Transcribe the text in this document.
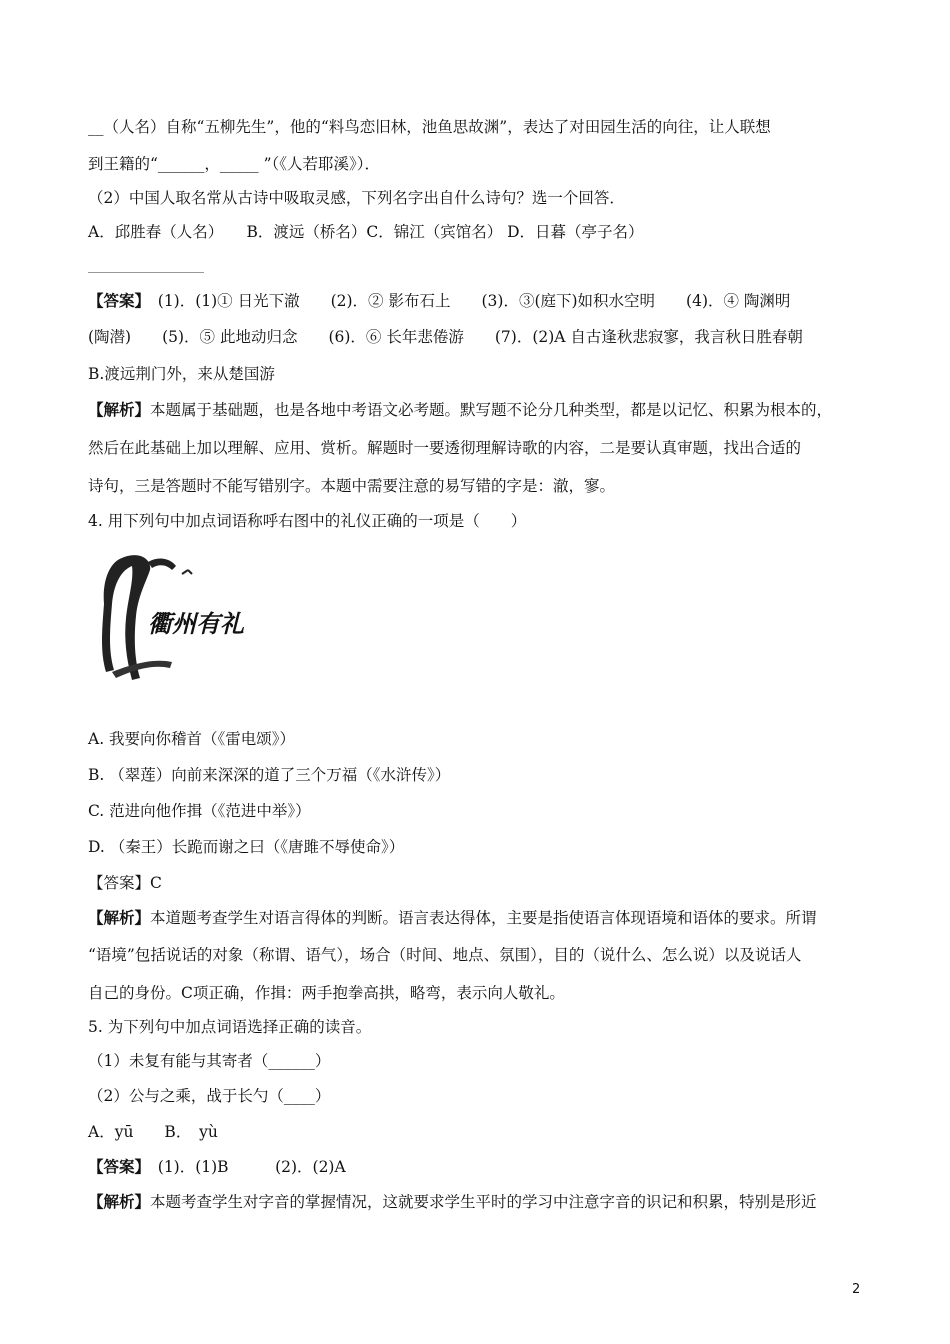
__（人名）自称“五柳先生”，他的“料鸟恋旧林，池鱼思故渊”，表达了对田园生活的向往，让人联想
到王籍的“______，_____ ”（《人若耶溪》）．
（2）中国人取名常从古诗中吸取灵感，下列名字出自什么诗句？选一个回答．
A．邱胜春（人名）　　B．渡远（桥名）C．锦江（宾馆名） D．日暮（亭子名）
【答案】　(1)．(1)① 日光下澈　　(2)．② 影布石上　　(3)．③(庭下)如积水空明　　(4)．④ 陶渊明
(陶潜)　　(5)．⑤ 此地动归念　　(6)．⑥ 长年悲倦游　　(7)．(2)A 自古逢秋悲寂寥，我言秋日胜春朝
B.渡远荆门外，来从楚国游
【解析】本题属于基础题，也是各地中考语文必考题。默写题不论分几种类型，都是以记忆、积累为根本的，
然后在此基础上加以理解、应用、赏析。解题时一要透彻理解诗歌的内容，二是要认真审题，找出合适的
诗句，三是答题时不能写错别字。本题中需要注意的易写错的字是：澈，寥。
4. 用下列句中加点词语称呼右图中的礼仪正确的一项是（　　）
衢州有礼
A. 我要向你稽首（《雷电颂》）
B. （翠莲）向前来深深的道了三个万福（《水浒传》）
C. 范进向他作揖（《范进中举》）
D. （秦王）长跪而谢之曰（《唐雎不辱使命》）
【答案】C
【解析】本道题考查学生对语言得体的判断。语言表达得体，主要是指使语言体现语境和语体的要求。所谓
“语境”包括说话的对象（称谓、语气），场合（时间、地点、氛围），目的（说什么、怎么说）以及说话人
自己的身份。C项正确，作揖：两手抱拳高拱，略弯，表示向人敬礼。
5. 为下列句中加点词语选择正确的读音。
（1）未复有能与其寄者（______）
（2）公与之乘，战于长勺（____）
A．yū　　B．　yù
【答案】　(1)．(1)B　　　(2)．(2)A
【解析】本题考查学生对字音的掌握情况，这就要求学生平时的学习中注意字音的识记和积累，特别是形近
2
